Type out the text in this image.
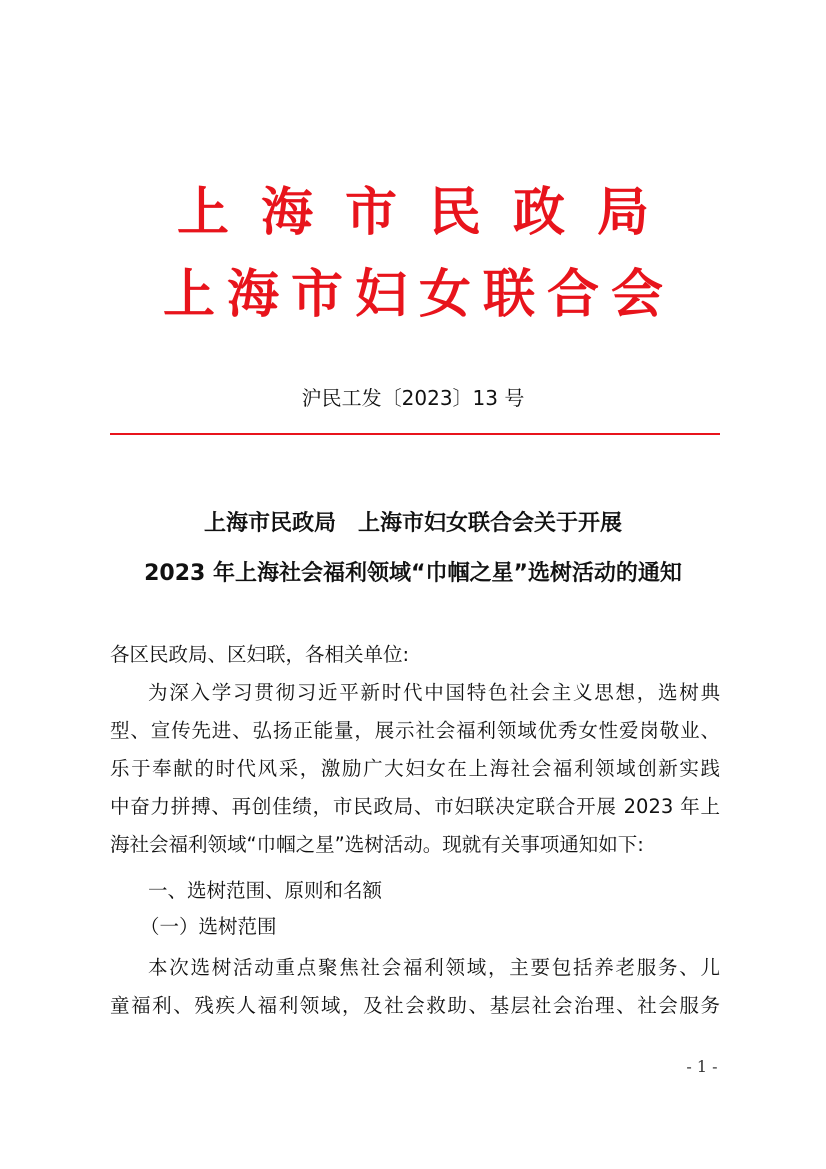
上海市民政局
上海市妇女联合会
沪民工发〔2023〕13 号
上海市民政局　上海市妇女联合会关于开展
2023 年上海社会福利领域“巾帼之星”选树活动的通知
各区民政局、区妇联，各相关单位:
为深入学习贯彻习近平新时代中国特色社会主义思想，选树典
型、宣传先进、弘扬正能量，展示社会福利领域优秀女性爱岗敬业、
乐于奉献的时代风采，激励广大妇女在上海社会福利领域创新实践
中奋力拼搏、再创佳绩，市民政局、市妇联决定联合开展 2023 年上
海社会福利领域“巾帼之星”选树活动。现就有关事项通知如下:
一、选树范围、原则和名额
（一）选树范围
本次选树活动重点聚焦社会福利领域，主要包括养老服务、儿
童福利、残疾人福利领域，及社会救助、基层社会治理、社会服务
- 1 -
